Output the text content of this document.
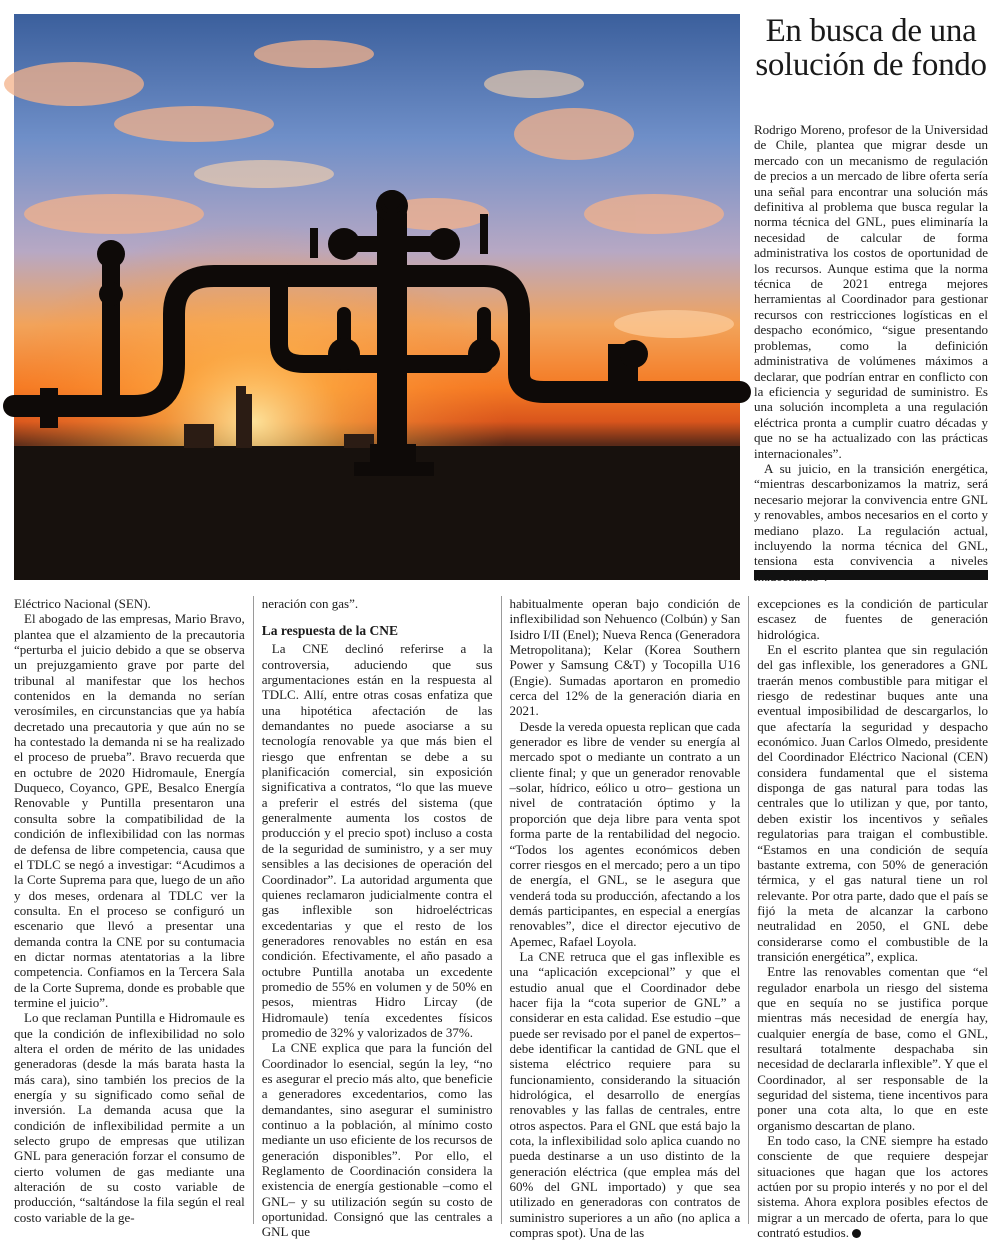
En busca de una solución de fondo

Rodrigo Moreno, profesor de la Universidad de Chile, plantea que migrar desde un mercado con un mecanismo de regulación de precios a un mercado de libre oferta sería una señal para encontrar una solución más definitiva al problema que busca regular la norma técnica del GNL, pues eliminaría la necesidad de calcular de forma administrativa los costos de oportunidad de los recursos. Aunque estima que la norma técnica de 2021 entrega mejores herramientas al Coordinador para gestionar recursos con restricciones logísticas en el despacho económico, “sigue presentando problemas, como la definición administrativa de volúmenes máximos a declarar, que podrían entrar en conflicto con la eficiencia y seguridad de suministro. Es una solución incompleta a una regulación eléctrica pronta a cumplir cuatro décadas y que no se ha actualizado con las prácticas internacionales”.

A su juicio, en la transición energética, “mientras descarbonizamos la matriz, será necesario mejorar la convivencia entre GNL y renovables, ambos necesarios en el corto y mediano plazo. La regulación actual, incluyendo la norma técnica del GNL, tensiona esta convivencia a niveles

Eléctrico Nacional (SEN).

El abogado de las empresas, Mario Bravo, plantea que el alzamiento de la precautoria “perturba el juicio debido a que se observa un prejuzgamiento grave por parte del tribunal al manifestar que los hechos contenidos en la demanda no serían verosímiles, en circunstancias que ya había decretado una precautoria y que aún no se ha contestado la demanda ni se ha realizado el proceso de prueba”. Bravo recuerda que en octubre de 2020 Hidromaule, Energía Duqueco, Coyanco, GPE, Besalco Energía Renovable y Puntilla presentaron una consulta sobre la compatibilidad de la condición de inflexibilidad con las normas de defensa de libre competencia, causa que el TDLC se negó a investigar: “Acudimos a la Corte Suprema para que, luego de un año y dos meses, ordenara al TDLC ver la consulta. En el proceso se configuró un escenario que llevó a presentar una demanda contra la CNE por su contumacia en dictar normas atentatorias a la libre competencia. Confiamos en la Tercera Sala de la Corte Suprema, donde es probable que termine el juicio”.

Lo que reclaman Puntilla e Hidromaule es que la condición de inflexibilidad no solo altera el orden de mérito de las unidades generadoras (desde la más barata hasta la más cara), sino también los precios de la energía y su significado como señal de inversión. La demanda acusa que la condición de inflexibilidad permite a un selecto grupo de empresas que utilizan GNL para generación forzar el consumo de cierto volumen de gas mediante una alteración de su costo variable de producción, “saltándose la fila según el real costo variable de la ge-

neración con gas”.

La respuesta de la CNE

La CNE declinó referirse a la controversia, aduciendo que sus argumentaciones están en la respuesta al TDLC. Allí, entre otras cosas enfatiza que una hipotética afectación de las demandantes no puede asociarse a su tecnología renovable ya que más bien el riesgo que enfrentan se debe a su planificación comercial, sin exposición significativa a contratos, “lo que las mueve a preferir el estrés del sistema (que generalmente aumenta los costos de producción y el precio spot) incluso a costa de la seguridad de suministro, y a ser muy sensibles a las decisiones de operación del Coordinador”. La autoridad argumenta que quienes reclamaron judicialmente contra el gas inflexible son hidroeléctricas excedentarias y que el resto de los generadores renovables no están en esa condición. Efectivamente, el año pasado a octubre Puntilla anotaba un excedente promedio de 55% en volumen y de 50% en pesos, mientras Hidro Lircay (de Hidromaule) tenía excedentes físicos promedio de 32% y valorizados de 37%.

La CNE explica que para la función del Coordinador lo esencial, según la ley, “no es asegurar el precio más alto, que beneficie a generadores excedentarios, como las demandantes, sino asegurar el suministro continuo a la población, al mínimo costo mediante un uso eficiente de los recursos de generación disponibles”. Por ello, el Reglamento de Coordinación considera la existencia de energía gestionable –como el GNL– y su utilización según su costo de oportunidad. Consignó que las centrales a GNL que

habitualmente operan bajo condición de inflexibilidad son Nehuenco (Colbún) y San Isidro I/II (Enel); Nueva Renca (Generadora Metropolitana); Kelar (Korea Southern Power y Samsung C&T) y Tocopilla U16 (Engie). Sumadas aportaron en promedio cerca del 12% de la generación diaria en 2021.

Desde la vereda opuesta replican que cada generador es libre de vender su energía al mercado spot o mediante un contrato a un cliente final; y que un generador renovable –solar, hídrico, eólico u otro– gestiona un nivel de contratación óptimo y la proporción que deja libre para venta spot forma parte de la rentabilidad del negocio. “Todos los agentes económicos deben correr riesgos en el mercado; pero a un tipo de energía, el GNL, se le asegura que venderá toda su producción, afectando a los demás participantes, en especial a energías renovables”, dice el director ejecutivo de Apemec, Rafael Loyola.

La CNE retruca que el gas inflexible es una “aplicación excepcional” y que el estudio anual que el Coordinador debe hacer fija la “cota superior de GNL” a considerar en esta calidad. Ese estudio –que puede ser revisado por el panel de expertos– debe identificar la cantidad de GNL que el sistema eléctrico requiere para su funcionamiento, considerando la situación hidrológica, el desarrollo de energías renovables y las fallas de centrales, entre otros aspectos. Para el GNL que está bajo la cota, la inflexibilidad solo aplica cuando no pueda destinarse a un uso distinto de la generación eléctrica (que emplea más del 60% del GNL importado) y que sea utilizado en generadoras con contratos de suministro superiores a un año (no aplica a compras spot). Una de las

excepciones es la condición de particular escasez de fuentes de generación hidrológica.

En el escrito plantea que sin regulación del gas inflexible, los generadores a GNL traerán menos combustible para mitigar el riesgo de redestinar buques ante una eventual imposibilidad de descargarlos, lo que afectaría la seguridad y despacho económico. Juan Carlos Olmedo, presidente del Coordinador Eléctrico Nacional (CEN) considera fundamental que el sistema disponga de gas natural para todas las centrales que lo utilizan y que, por tanto, deben existir los incentivos y señales regulatorias para traigan el combustible. “Estamos en una condición de sequía bastante extrema, con 50% de generación térmica, y el gas natural tiene un rol relevante. Por otra parte, dado que el país se fijó la meta de alcanzar la carbono neutralidad en 2050, el GNL debe considerarse como el combustible de la transición energética”, explica.

Entre las renovables comentan que “el regulador enarbola un riesgo del sistema que en sequía no se justifica porque mientras más necesidad de energía hay, cualquier energía de base, como el GNL, resultará totalmente despachaba sin necesidad de declararla inflexible”. Y que el Coordinador, al ser responsable de la seguridad del sistema, tiene incentivos para poner una cota alta, lo que en este organismo descartan de plano.

En todo caso, la CNE siempre ha estado consciente de que requiere despejar situaciones que hagan que los actores actúen por su propio interés y no por el del sistema. Ahora explora posibles efectos de migrar a un mercado de oferta, para lo que contrató estudios.
